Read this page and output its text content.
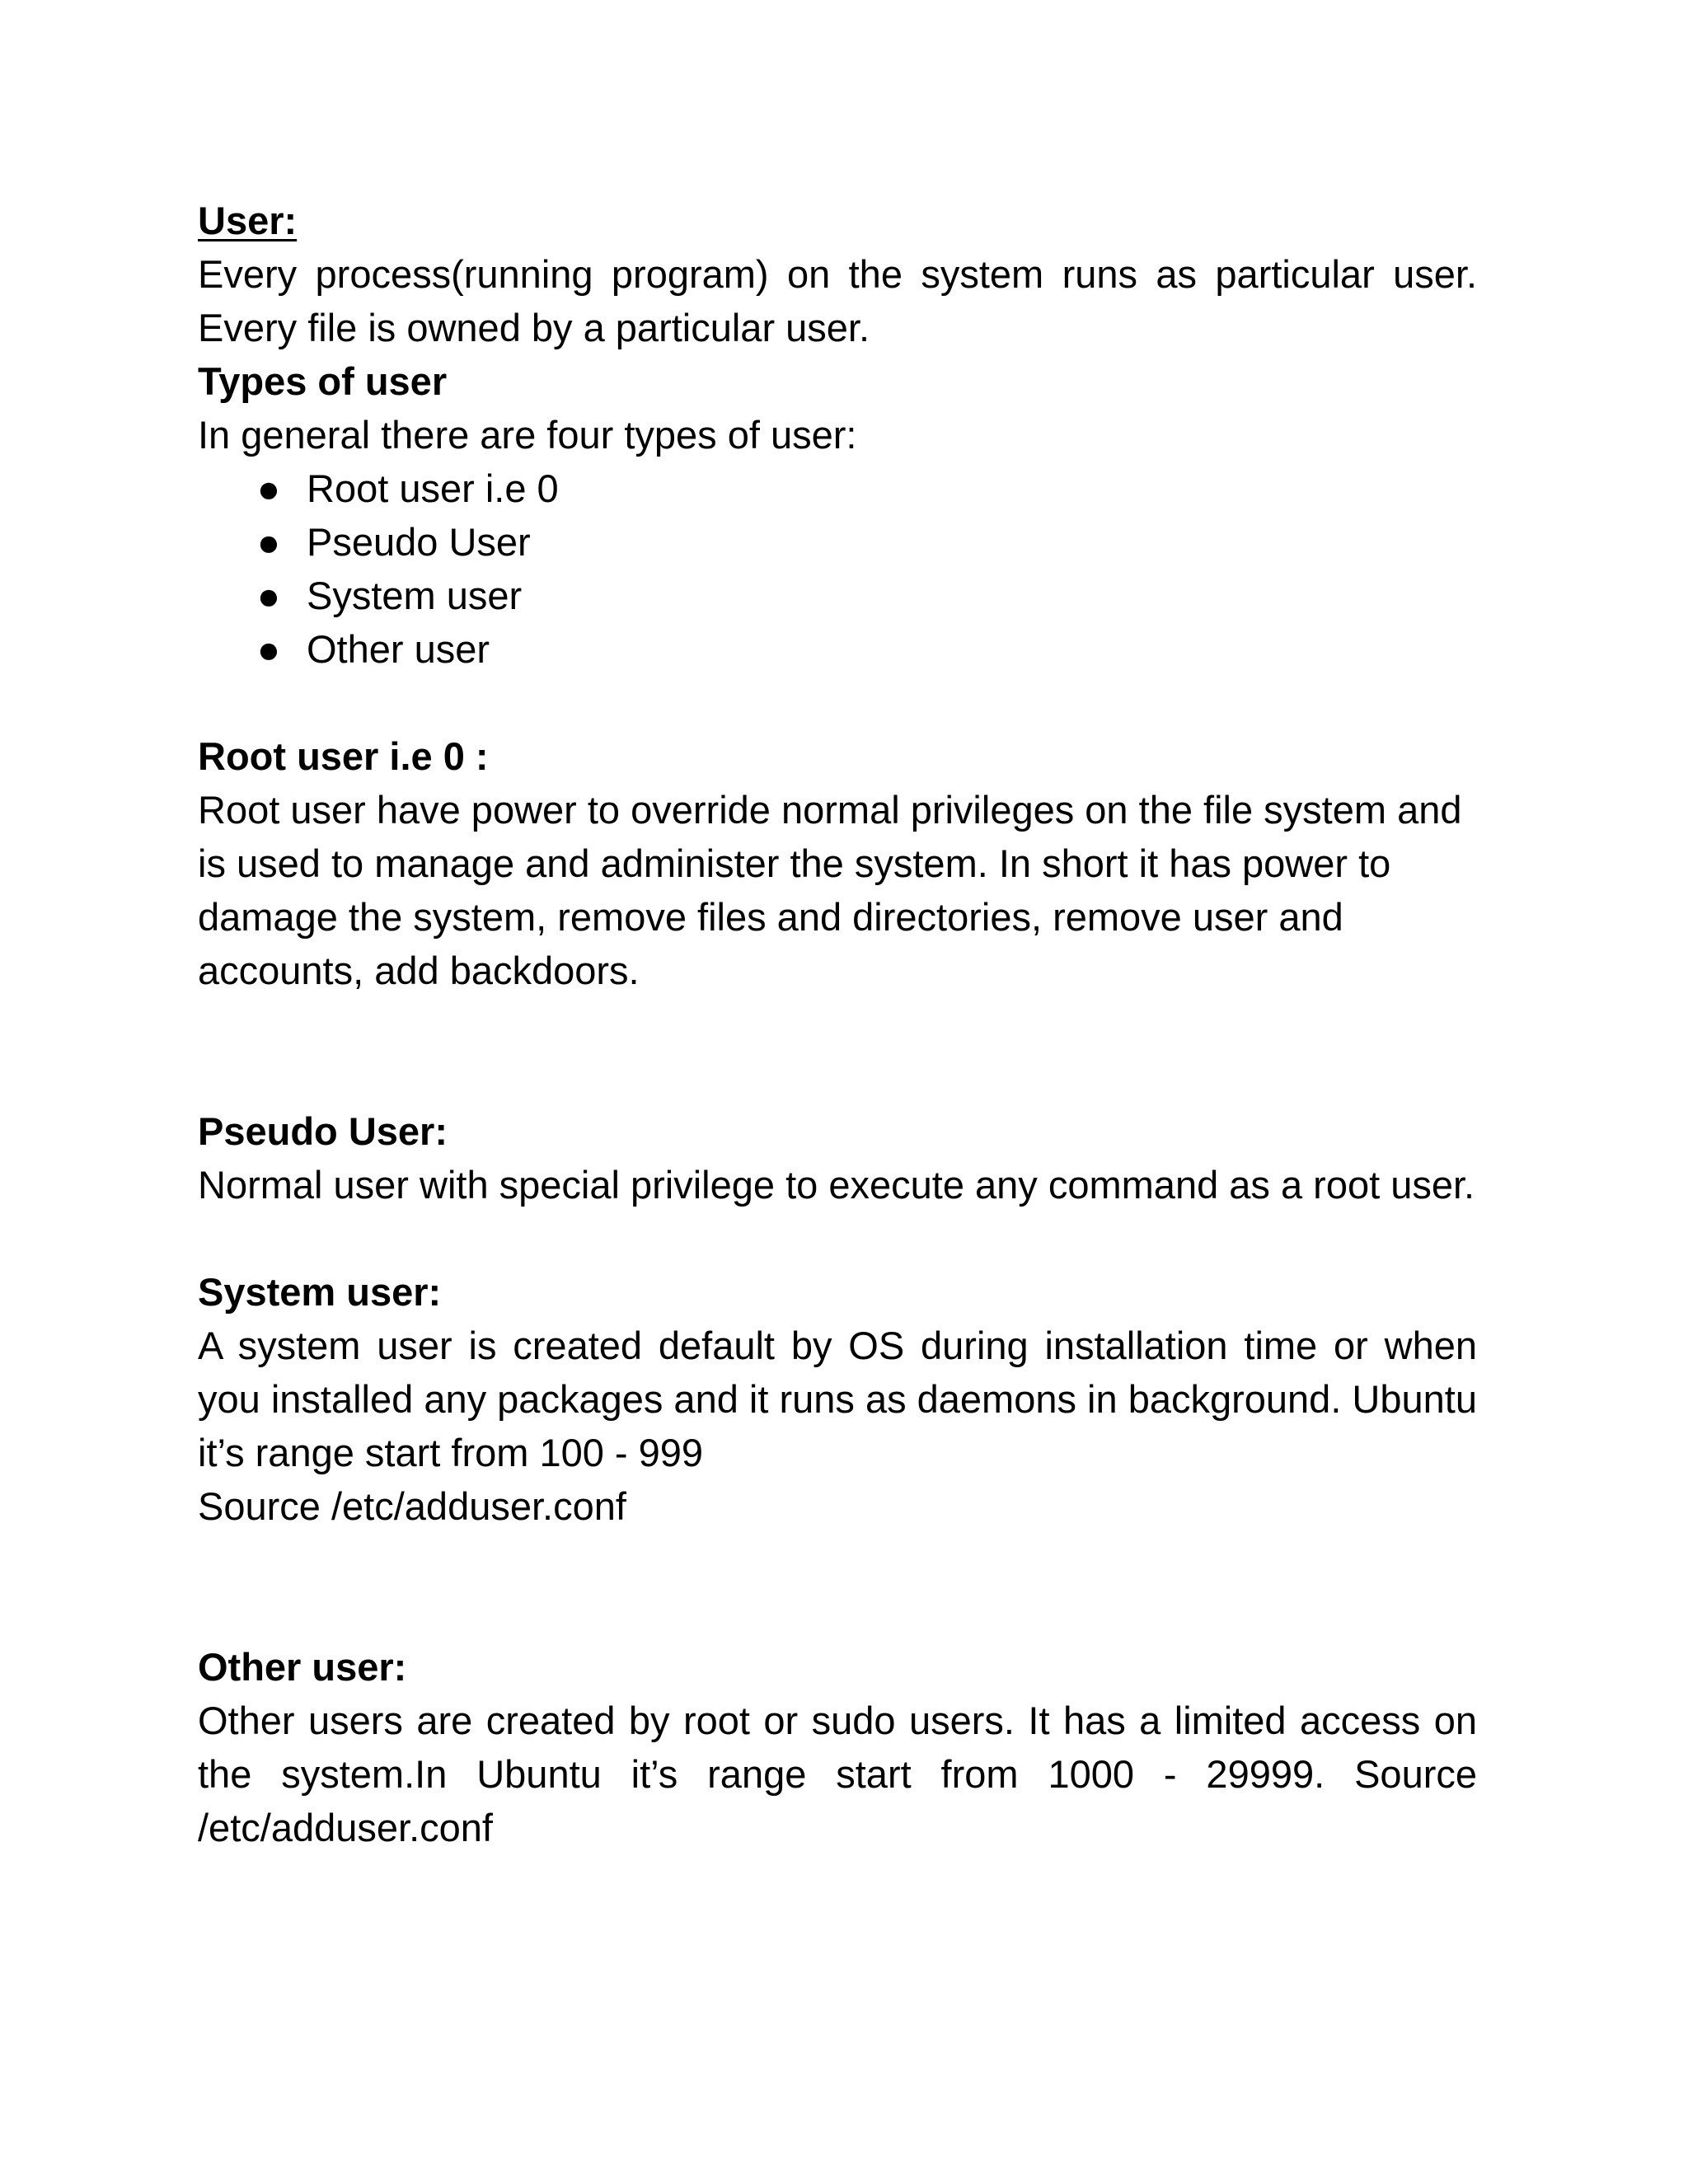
User:

Every process(running program) on the system runs as particular user. Every file is owned by a particular user.

Types of user

In general there are four types of user:

● Root user i.e 0
● Pseudo User
● System user
● Other user
Root user i.e 0 :

Root user have power to override normal privileges on the file system and is used to manage and administer the system. In short it has power to damage the system, remove files and directories, remove user and accounts, add backdoors.

Pseudo User:

Normal user with special privilege to execute any command as a root user.

System user:

A system user is created default by OS during installation time or when you installed any packages and it runs as daemons in background. Ubuntu it’s range start from 100 - 999

Source /etc/adduser.conf

Other user:

Other users are created by root or sudo users. It has a limited access on the system.In Ubuntu it’s range start from 1000 - 29999. Source /etc/adduser.conf
